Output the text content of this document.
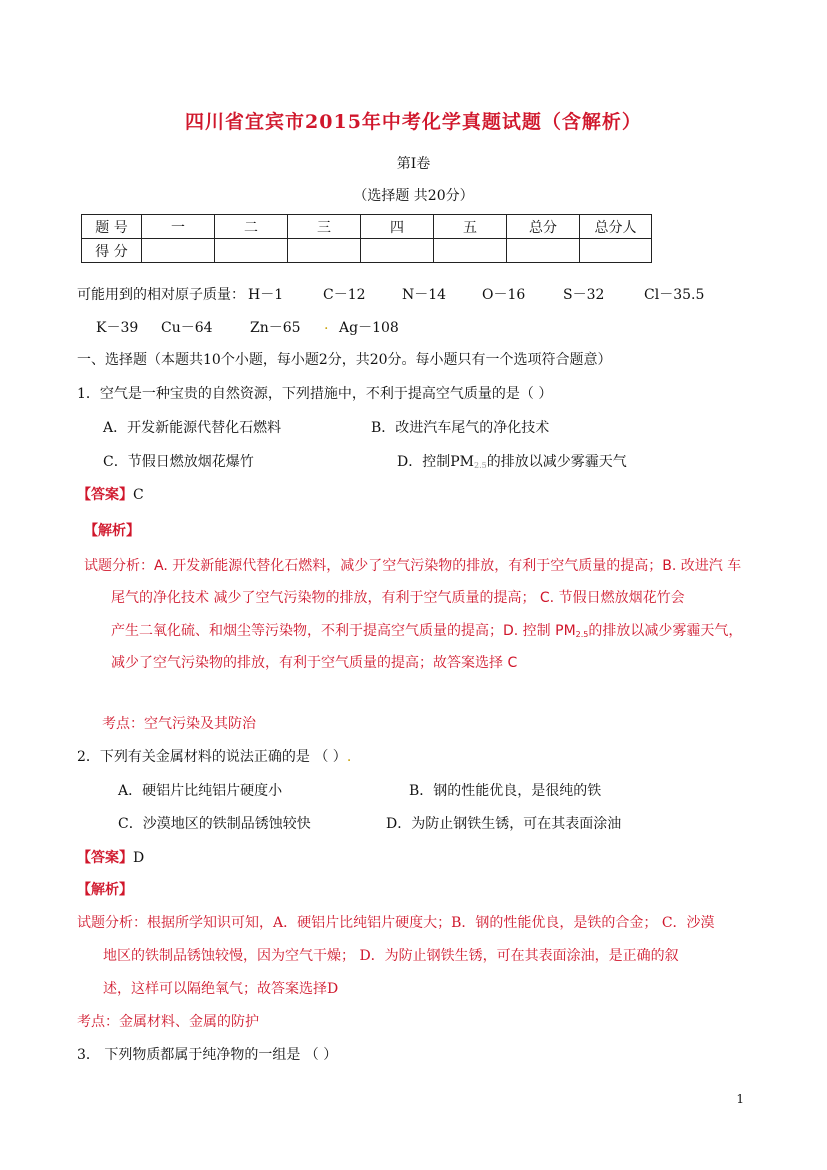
四川省宜宾市2015年中考化学真题试题（含解析）
第Ⅰ卷
（选择题 共20分）
题 号	一	二	三	四	五	总分	总分人
得 分							
可能用到的相对原子质量： H－1	C－12	N－14	O－16	S－32	Cl－35.5
K－39 Cu－64	Zn－65 . Ag－108
一、选择题（本题共10个小题，每小题2分，共20分。每小题只有一个选项符合题意）
1．空气是一种宝贵的自然资源，下列措施中，不利于提高空气质量的是（ ）
A．开发新能源代替化石燃料	B．改进汽车尾气的净化技术
C．节假日燃放烟花爆竹	D．控制PM2.5的排放以减少雾霾天气
【答案】C
【解析】
试题分析：A. 开发新能源代替化石燃料，减少了空气污染物的排放，有利于空气质量的提高；B. 改进汽 车
尾气的净化技术 减少了空气污染物的排放，有利于空气质量的提高； C. 节假日燃放烟花竹会
产生二氧化硫、和烟尘等污染物，不利于提高空气质量的提高；D. 控制 PM2.5的排放以减少雾霾天气，
减少了空气污染物的排放，有利于空气质量的提高；故答案选择 C
考点：空气污染及其防治
2．下列有关金属材料的说法正确的是 （ ）.
A．硬铝片比纯铝片硬度小	B．钢的性能优良，是很纯的铁
C．沙漠地区的铁制品锈蚀较快	D．为防止钢铁生锈，可在其表面涂油
【答案】D
【解析】
试题分析：根据所学知识可知，A．硬铝片比纯铝片硬度大；B．钢的性能优良，是铁的合金； C．沙漠
地区的铁制品锈蚀较慢，因为空气干燥； D．为防止钢铁生锈，可在其表面涂油，是正确的叙
述，这样可以隔绝氧气；故答案选择D
考点：金属材料、金属的防护
3． 下列物质都属于纯净物的一组是 （ ）
1
